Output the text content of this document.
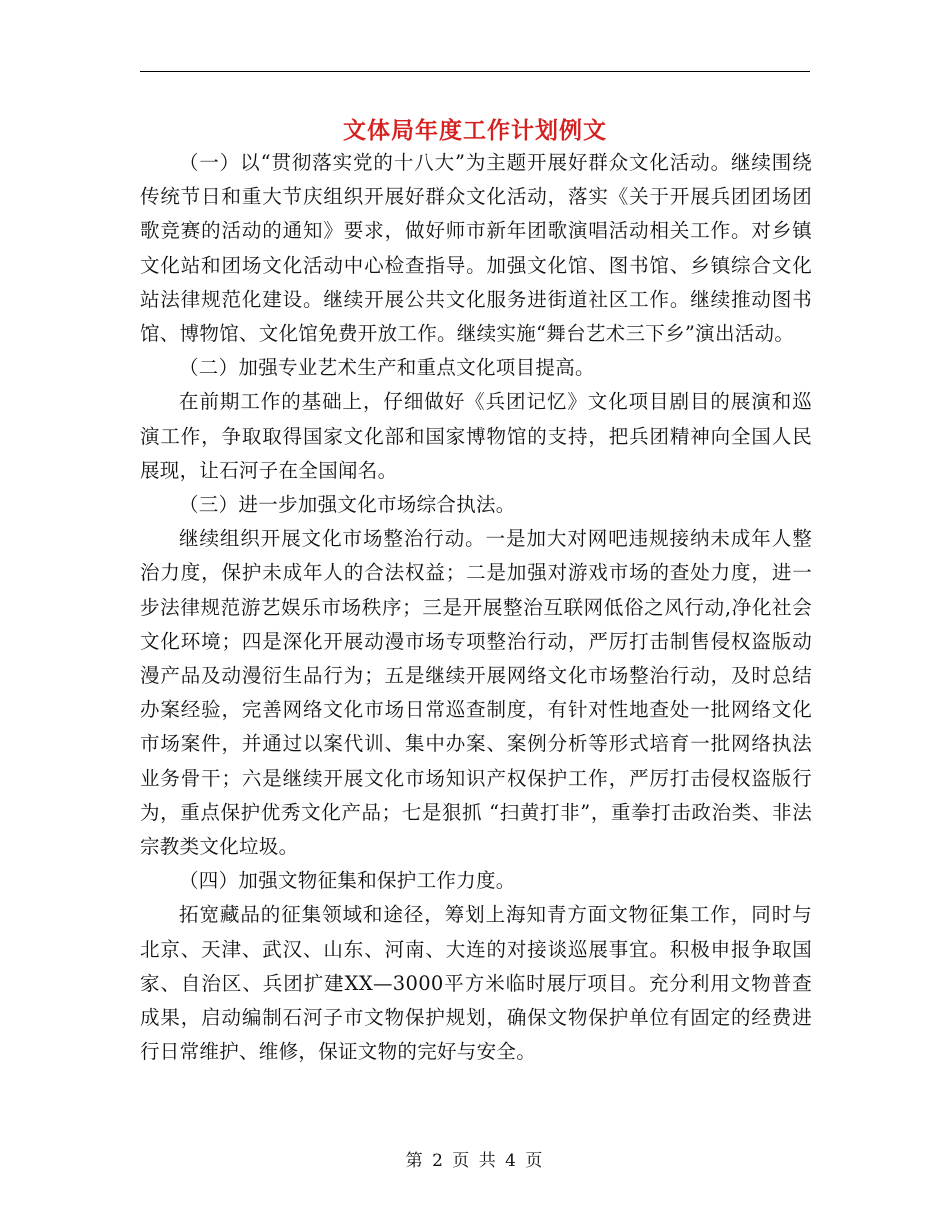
文体局年度工作计划例文

（一）以“贯彻落实党的十八大”为主题开展好群众文化活动。继续围绕传统节日和重大节庆组织开展好群众文化活动，落实《关于开展兵团团场团歌竞赛的活动的通知》要求，做好师市新年团歌演唱活动相关工作。对乡镇文化站和团场文化活动中心检查指导。加强文化馆、图书馆、乡镇综合文化站法律规范化建设。继续开展公共文化服务进街道社区工作。继续推动图书馆、博物馆、文化馆免费开放工作。继续实施“舞台艺术三下乡”演出活动。

（二）加强专业艺术生产和重点文化项目提高。

在前期工作的基础上，仔细做好《兵团记忆》文化项目剧目的展演和巡演工作，争取取得国家文化部和国家博物馆的支持，把兵团精神向全国人民展现，让石河子在全国闻名。

（三）进一步加强文化市场综合执法。

继续组织开展文化市场整治行动。一是加大对网吧违规接纳未成年人整治力度，保护未成年人的合法权益；二是加强对游戏市场的查处力度，进一步法律规范游艺娱乐市场秩序；三是开展整治互联网低俗之风行动,净化社会文化环境；四是深化开展动漫市场专项整治行动，严厉打击制售侵权盗版动漫产品及动漫衍生品行为；五是继续开展网络文化市场整治行动，及时总结办案经验，完善网络文化市场日常巡查制度，有针对性地查处一批网络文化市场案件，并通过以案代训、集中办案、案例分析等形式培育一批网络执法业务骨干；六是继续开展文化市场知识产权保护工作，严厉打击侵权盗版行为，重点保护优秀文化产品；七是狠抓 “扫黄打非”，重拳打击政治类、非法宗教类文化垃圾。

（四）加强文物征集和保护工作力度。

拓宽藏品的征集领域和途径，筹划上海知青方面文物征集工作，同时与北京、天津、武汉、山东、河南、大连的对接谈巡展事宜。积极申报争取国家、自治区、兵团扩建XX—3000平方米临时展厅项目。充分利用文物普查成果，启动编制石河子市文物保护规划，确保文物保护单位有固定的经费进行日常维护、维修，保证文物的完好与安全。

第 2 页 共 4 页
